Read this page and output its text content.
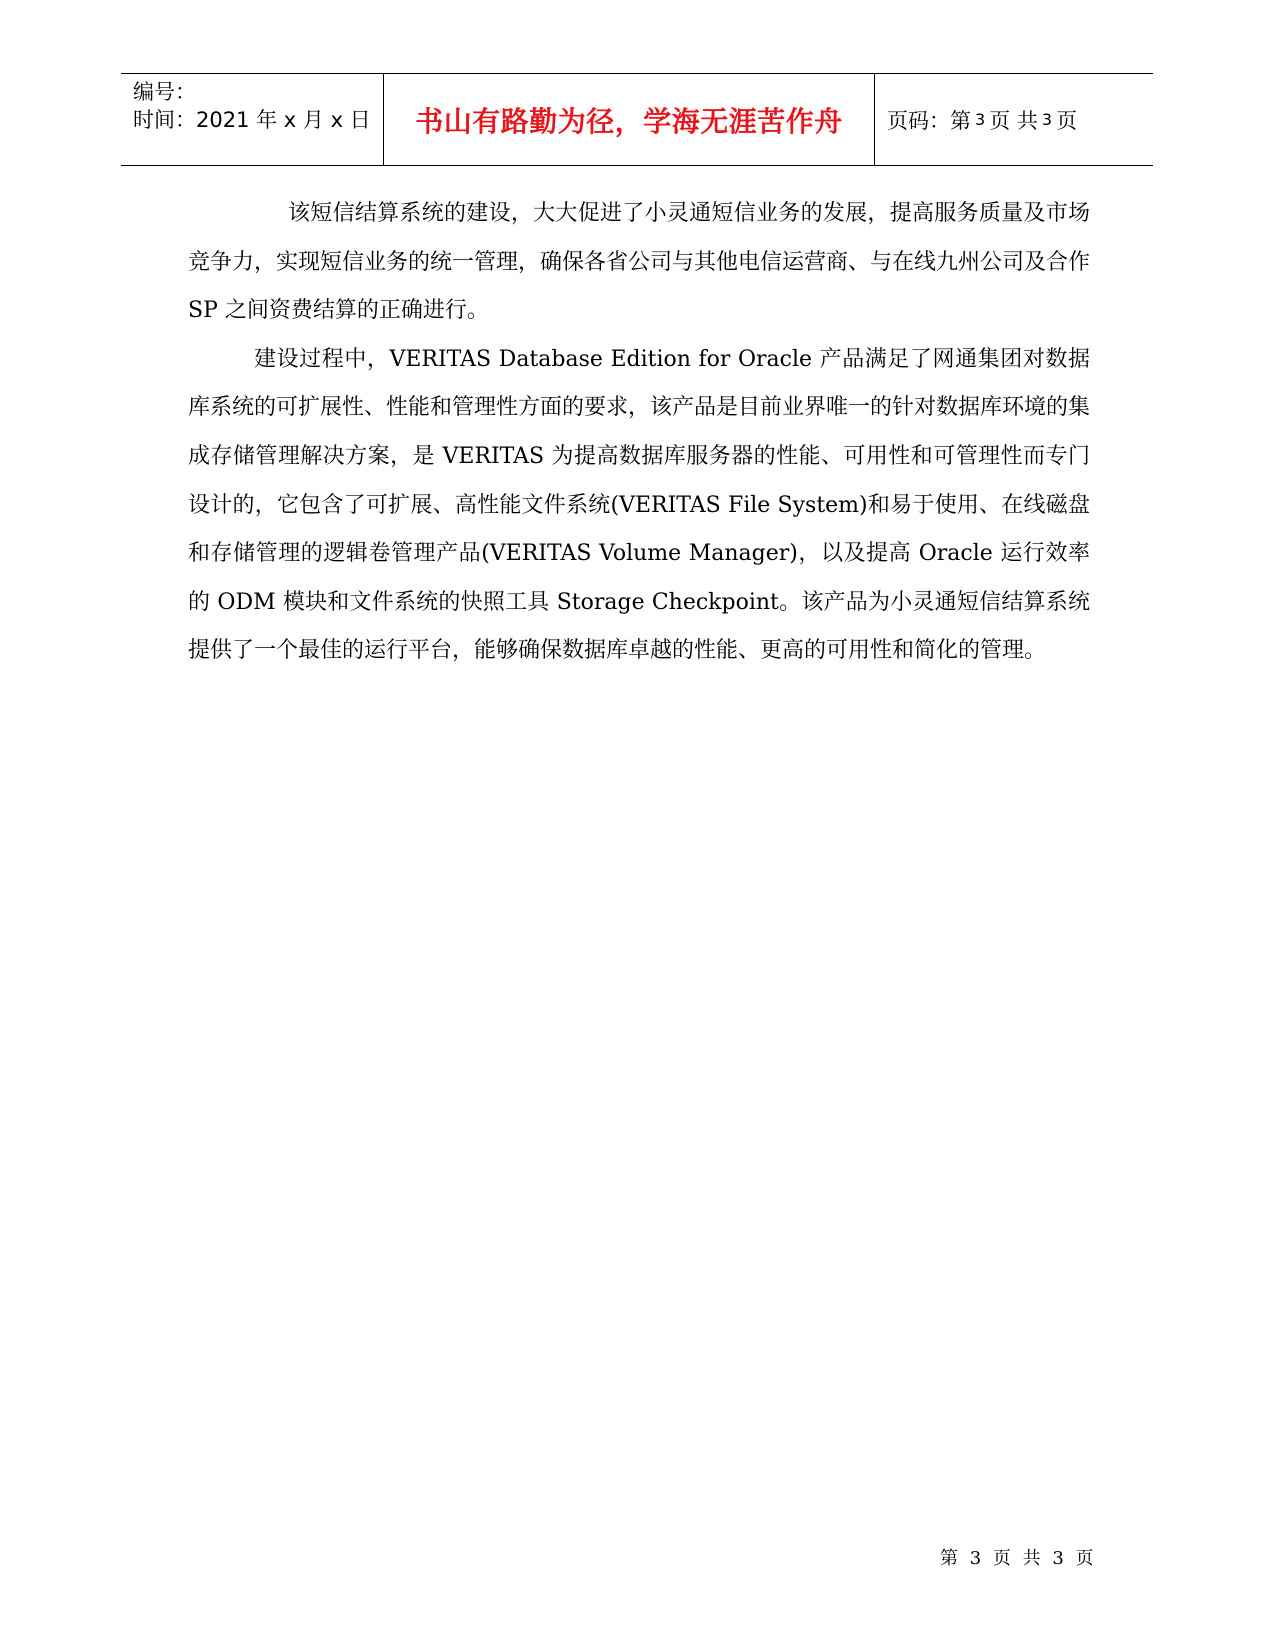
编号：
时间：2021 年 x 月 x 日	书山有路勤为径，学海无涯苦作舟 页码：第 3 页 共 3 页

该短信结算系统的建设，大大促进了小灵通短信业务的发展，提高服务质量及市场竞争力，实现短信业务的统一管理，确保各省公司与其他电信运营商、与在线九州公司及合作 SP 之间资费结算的正确进行。

建设过程中，VERITAS Database Edition for Oracle 产品满足了网通集团对数据库系统的可扩展性、性能和管理性方面的要求，该产品是目前业界唯一的针对数据库环境的集成存储管理解决方案，是 VERITAS 为提高数据库服务器的性能、可用性和可管理性而专门设计的，它包含了可扩展、高性能文件系统(VERITAS File System)和易于使用、在线磁盘和存储管理的逻辑卷管理产品(VERITAS Volume Manager)，以及提高 Oracle 运行效率的 ODM 模块和文件系统的快照工具 Storage Checkpoint。该产品为小灵通短信结算系统提供了一个最佳的运行平台，能够确保数据库卓越的性能、更高的可用性和简化的管理。

第 3 页 共 3 页
